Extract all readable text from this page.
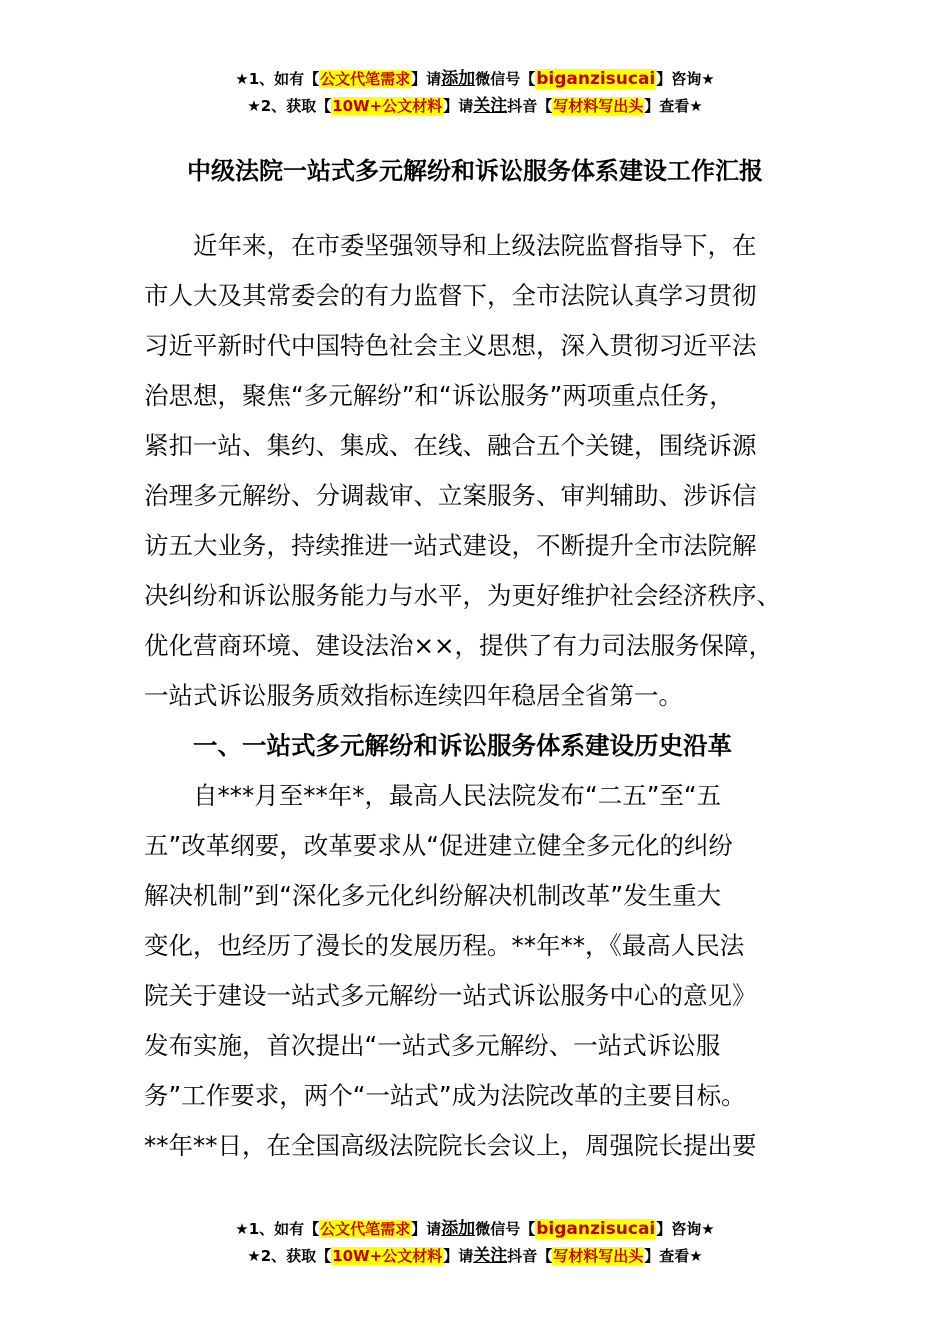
★1、如有【公文代笔需求】请添加微信号【biganzisucai】咨询★
★2、获取【10W+公文材料】请关注抖音【写材料写出头】查看★
中级法院一站式多元解纷和诉讼服务体系建设工作汇报

近年来，在市委坚强领导和上级法院监督指导下，在
市人大及其常委会的有力监督下，全市法院认真学习贯彻
习近平新时代中国特色社会主义思想，深入贯彻习近平法
治思想，聚焦“多元解纷”和“诉讼服务”两项重点任务，
紧扣一站、集约、集成、在线、融合五个关键，围绕诉源
治理多元解纷、分调裁审、立案服务、审判辅助、涉诉信
访五大业务，持续推进一站式建设，不断提升全市法院解
决纠纷和诉讼服务能力与水平，为更好维护社会经济秩序、
优化营商环境、建设法治××，提供了有力司法服务保障，
一站式诉讼服务质效指标连续四年稳居全省第一。

一、一站式多元解纷和诉讼服务体系建设历史沿革

自***月至**年*，最高人民法院发布“二五”至“五
五”改革纲要，改革要求从“促进建立健全多元化的纠纷
解决机制”到“深化多元化纠纷解决机制改革”发生重大
变化，也经历了漫长的发展历程。**年**，《最高人民法
院关于建设一站式多元解纷一站式诉讼服务中心的意见》
发布实施，首次提出“一站式多元解纷、一站式诉讼服
务”工作要求，两个“一站式”成为法院改革的主要目标。
**年**日，在全国高级法院院长会议上，周强院长提出要

★1、如有【公文代笔需求】请添加微信号【biganzisucai】咨询★
★2、获取【10W+公文材料】请关注抖音【写材料写出头】查看★
